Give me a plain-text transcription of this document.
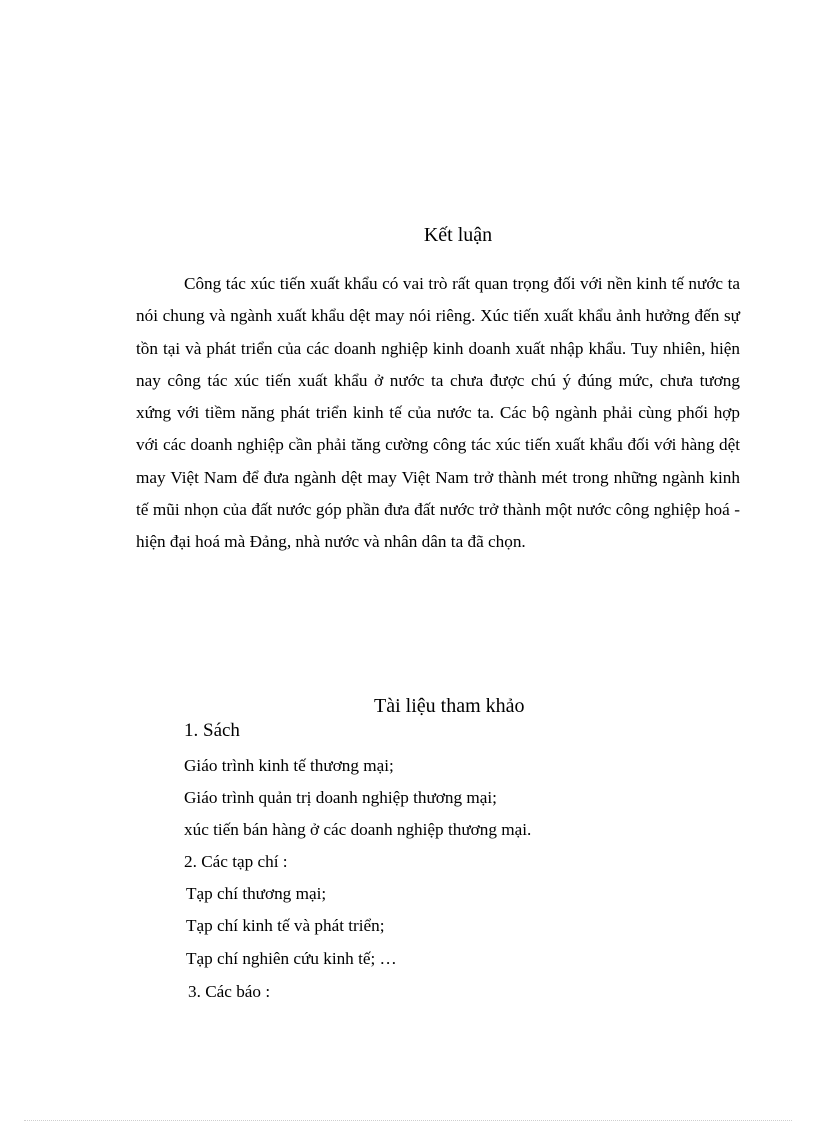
Kết luận

Công tác xúc tiến xuất khẩu có vai trò rất quan trọng đối với nền kinh tế nước ta nói chung và ngành xuất khẩu dệt may nói riêng. Xúc tiến xuất khẩu ảnh hưởng đến sự tồn tại và phát triển của các doanh nghiệp kinh doanh xuất nhập khẩu. Tuy nhiên, hiện nay công tác xúc tiến xuất khẩu ở nước ta chưa được chú ý đúng mức, chưa tương xứng với tiềm năng phát triển kinh tế của nước ta. Các bộ ngành phải cùng phối hợp với các doanh nghiệp cần phải tăng cường công tác xúc tiến xuất khẩu đối với hàng dệt may Việt Nam để đưa ngành dệt may Việt Nam trở thành mét trong những ngành kinh tế mũi nhọn của đất nước góp phần đưa đất nước trở thành một nước công nghiệp hoá - hiện đại hoá mà Đảng, nhà nước và nhân dân ta đã chọn.

Tài liệu tham khảo
1. Sách
Giáo trình kinh tế thương mại;
Giáo trình quản trị doanh nghiệp thương mại;
xúc tiến bán hàng ở các doanh nghiệp thương mại.
2. Các tạp chí :
Tạp chí thương mại;
Tạp chí kinh tế và phát triển;
Tạp chí nghiên cứu kinh tế; …
3. Các báo :
